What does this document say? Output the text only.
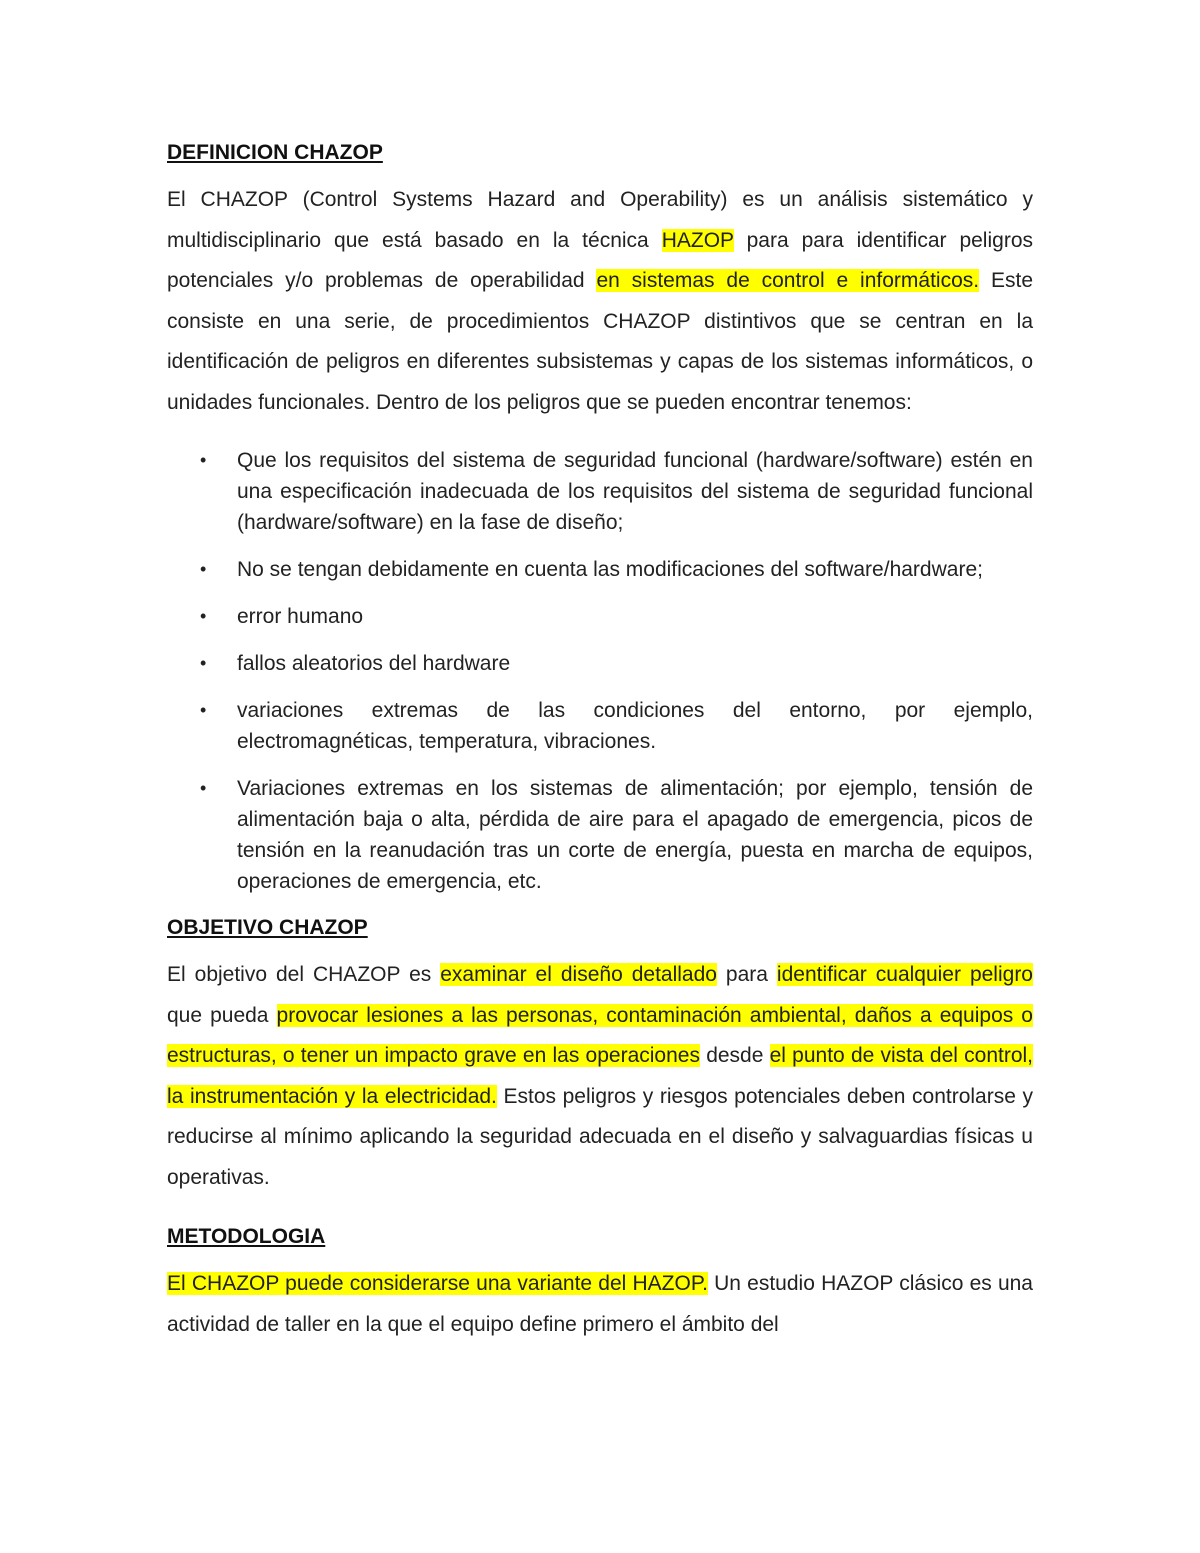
DEFINICION CHAZOP

El CHAZOP (Control Systems Hazard and Operability) es un análisis sistemático y multidisciplinario que está basado en la técnica HAZOP para para identificar peligros potenciales y/o problemas de operabilidad en sistemas de control e informáticos. Este consiste en una serie, de procedimientos CHAZOP distintivos que se centran en la identificación de peligros en diferentes subsistemas y capas de los sistemas informáticos, o unidades funcionales. Dentro de los peligros que se pueden encontrar tenemos:

• Que los requisitos del sistema de seguridad funcional (hardware/software) estén en una especificación inadecuada de los requisitos del sistema de seguridad funcional (hardware/software) en la fase de diseño;
• No se tengan debidamente en cuenta las modificaciones del software/hardware;
• error humano
• fallos aleatorios del hardware
• variaciones extremas de las condiciones del entorno, por ejemplo, electromagnéticas, temperatura, vibraciones.
• Variaciones extremas en los sistemas de alimentación; por ejemplo, tensión de alimentación baja o alta, pérdida de aire para el apagado de emergencia, picos de tensión en la reanudación tras un corte de energía, puesta en marcha de equipos, operaciones de emergencia, etc.
OBJETIVO CHAZOP

El objetivo del CHAZOP es examinar el diseño detallado para identificar cualquier peligro que pueda provocar lesiones a las personas, contaminación ambiental, daños a equipos o estructuras, o tener un impacto grave en las operaciones desde el punto de vista del control, la instrumentación y la electricidad. Estos peligros y riesgos potenciales deben controlarse y reducirse al mínimo aplicando la seguridad adecuada en el diseño y salvaguardias físicas u operativas.

METODOLOGIA

El CHAZOP puede considerarse una variante del HAZOP. Un estudio HAZOP clásico es una actividad de taller en la que el equipo define primero el ámbito del
